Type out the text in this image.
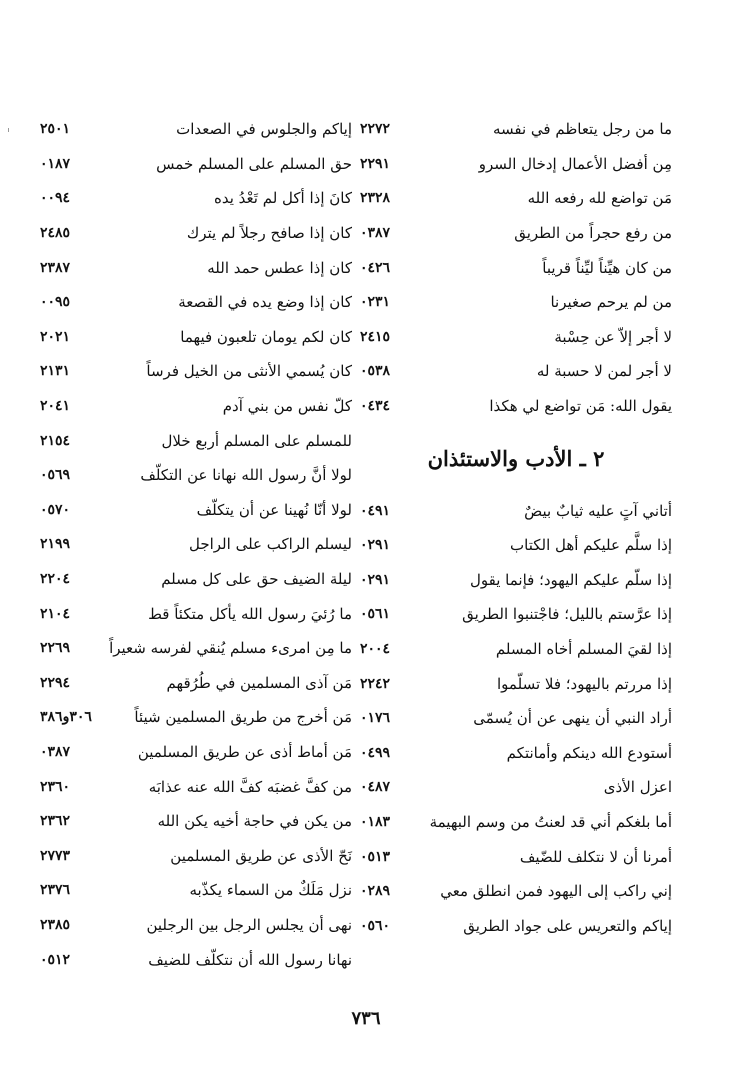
ما من رجل يتعاظم في نفسه
٢٢٧٢
مِن أفضل الأعمال إدخال السرو
٢٢٩١
مَن تواضع لله رفعه الله
٢٣٢٨
من رفع حجراً من الطريق
٠٣٨٧
من كان هيِّناً ليِّناً قريباً
٠٤٢٦
من لم يرحم صغيرنا
٠٢٣١
لا أجر إلاّ عن حِسْبة
٢٤١٥
لا أجر لمن لا حسبة له
٠٥٣٨
يقول الله: مَن تواضع لي هكذا
٠٤٣٤
٢ ـ الأدب والاستئذان
أتاني آتٍ عليه ثيابٌ بيضٌ
٠٤٩١
إذا سلَّم عليكم أهل الكتاب
٠٢٩١
إذا سلّم عليكم اليهود؛ فإنما يقول
٠٢٩١
إذا عرَّستم بالليل؛ فاجْتنبوا الطريق
٠٥٦١
إذا لقيَ المسلم أخاه المسلم
٢٠٠٤
إذا مررتم باليهود؛ فلا تسلّموا
٢٢٤٢
أراد النبي أن ينهى عن أن يُسمّى
٠١٧٦
أستودع الله دينكم وأمانتكم
٠٤٩٩
اعزل الأذى
٠٤٨٧
أما بلغكم أني قد لعنتُ من وسم البهيمة
٠١٨٣
أمرنا أن لا نتكلف للضّيف
٠٥١٣
إني راكب إلى اليهود فمن انطلق معي
٠٢٨٩
إياكم والتعريس على جواد الطريق
٠٥٦٠
إياكم والجلوس في الصعدات
٢٥٠١
حق المسلم على المسلم خمس
٠١٨٧
كانَ إذا أكل لم تَعْدُ يده
٠٠٩٤
كان إذا صافح رجلاً لم يترك
٢٤٨٥
كان إذا عطس حمد الله
٢٣٨٧
كان إذا وضع يده في القصعة
٠٠٩٥
كان لكم يومان تلعبون فيهما
٢٠٢١
كان يُسمي الأنثى من الخيل فرساً
٢١٣١
كلّ نفس من بني آدم
٢٠٤١
للمسلم على المسلم أربع خلال
٢١٥٤
لولا أنَّ رسول الله نهانا عن التكلّف
٠٥٦٩
لولا أنّا نُهينا عن أن يتكلّف
٠٥٧٠
ليسلم الراكب على الراجل
٢١٩٩
ليلة الضيف حق على كل مسلم
٢٢٠٤
ما رُئيَ رسول الله يأكل متكئاً قط
٢١٠٤
ما مِن امرىء مسلم يُنقي لفرسه شعيراً
٢٢٦٩
مَن آذى المسلمين في طُرُقهم
٢٢٩٤
مَن أخرج من طريق المسلمين شيئاً
٣٠٦و٣٨٦
مَن أماط أذى عن طريق المسلمين
٠٣٨٧
من كفَّ غضبَه كفَّ الله عنه عذابَه
٢٣٦٠
من يكن في حاجة أخيه يكن الله
٢٣٦٢
نَحّ الأذى عن طريق المسلمين
٢٧٧٣
نزل مَلَكٌ من السماء يكذّبه
٢٣٧٦
نهى أن يجلس الرجل بين الرجلين
٢٣٨٥
نهانا رسول الله أن نتكلّف للضيف
٠٥١٢
٧٣٦
